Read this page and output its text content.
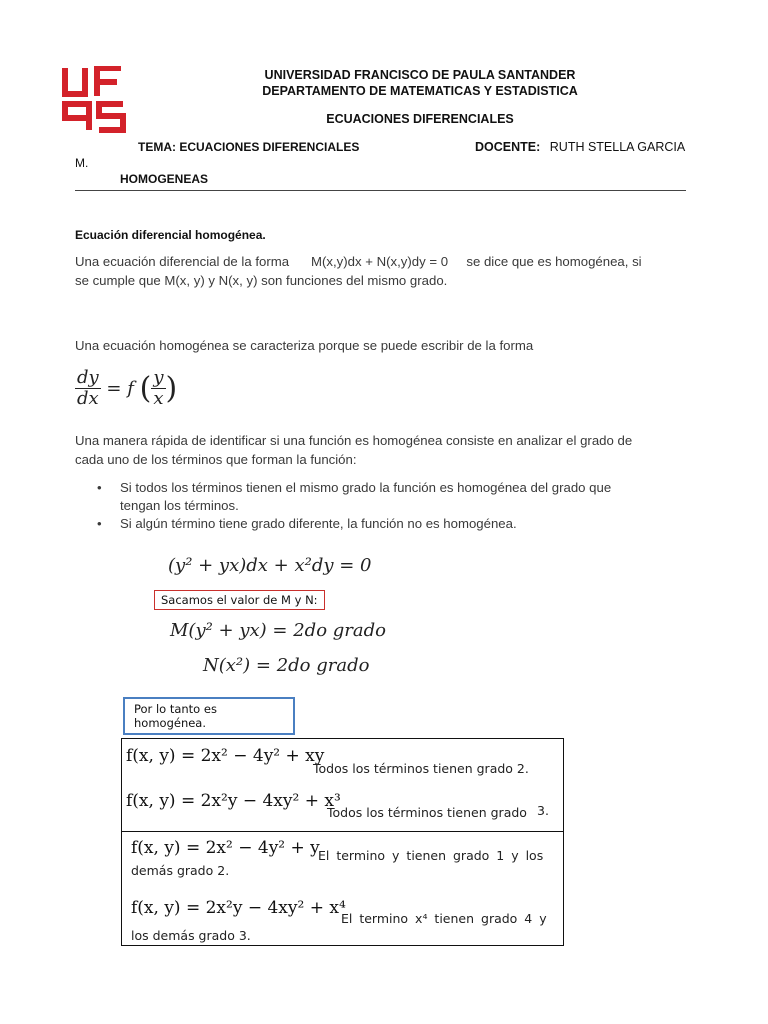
UNIVERSIDAD FRANCISCO DE PAULA SANTANDER
DEPARTAMENTO DE MATEMATICAS Y ESTADISTICA
ECUACIONES DIFERENCIALES
TEMA: ECUACIONES DIFERENCIALES	DOCENTE: RUTH STELLA GARCIA
M.
HOMOGENEAS
Ecuación diferencial homogénea.
Una ecuación diferencial de la forma      M(x,y)dx + N(x,y)dy = 0     se dice que es homogénea, si
se cumple que M(x, y) y N(x, y) son funciones del mismo grado.
Una ecuación homogénea se caracteriza porque se puede escribir de la forma
$\frac{dy}{dx} = f$ ( $\frac{y}{x}$ )
Una manera rápida de identificar si una función es homogénea consiste en analizar el grado de
cada uno de los términos que forman la función:
• Si todos los términos tienen el mismo grado la función es homogénea del grado que
tengan los términos.
• Si algún término tiene grado diferente, la función no es homogénea.
(y² + yx)dx + x²dy = 0
Sacamos el valor de M y N:
M(y² + yx) = 2do grado
N(x²) = 2do grado
Por lo tanto es homogénea.
f(x, y) = 2x² − 4y² + xy
Todos los términos tienen grado 2.
f(x, y) = 2x²y − 4xy² + x³
Todos los términos tienen grado 3.
f(x, y) = 2x² − 4y² + y
El termino y tienen grado 1 y los
demás grado 2.
f(x, y) = 2x²y − 4xy² + x⁴
El termino x⁴ tienen grado 4 y
los demás grado 3.
